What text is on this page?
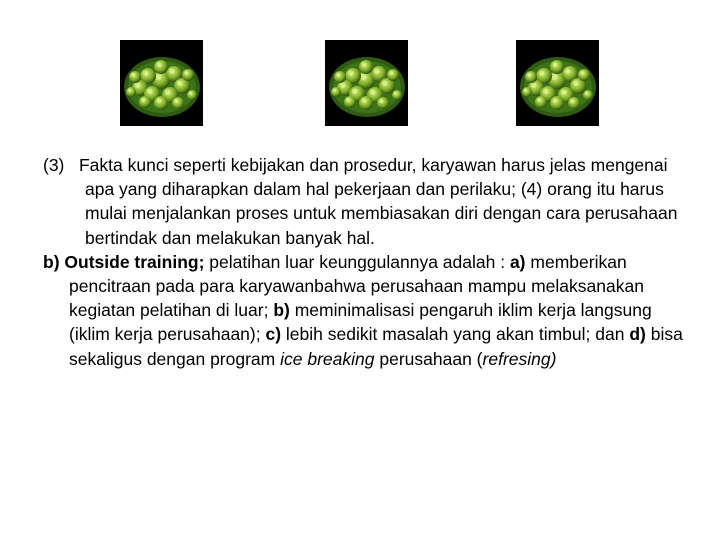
(3) Fakta kunci seperti kebijakan dan prosedur, karyawan harus jelas mengenai apa yang diharapkan dalam hal pekerjaan dan perilaku; (4) orang itu harus mulai menjalankan proses untuk membiasakan diri dengan cara perusahaan bertindak dan melakukan banyak hal.

b) Outside training; pelatihan luar keunggulannya adalah : a) memberikan pencitraan pada para karyawanbahwa perusahaan mampu melaksanakan kegiatan pelatihan di luar; b) meminimalisasi pengaruh iklim kerja langsung (iklim kerja perusahaan); c) lebih sedikit masalah yang akan timbul; dan d) bisa sekaligus dengan program ice breaking perusahaan (refresing)
